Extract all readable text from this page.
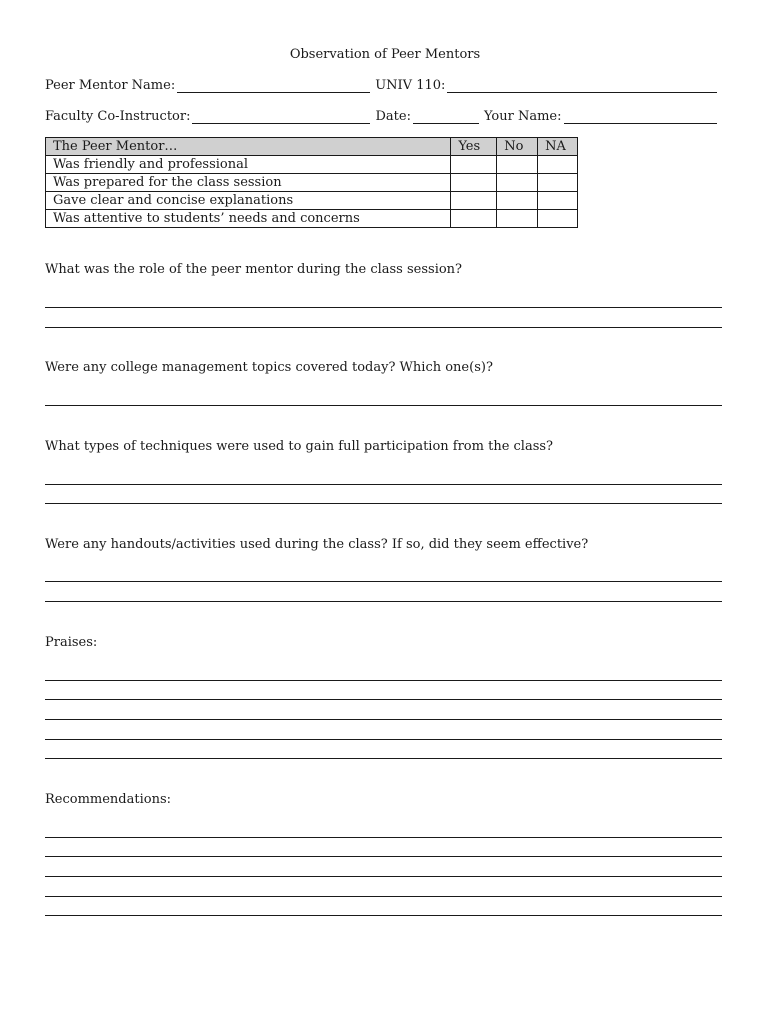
Observation of Peer Mentors
Peer Mentor Name:	UNIV 110:
Faculty Co-Instructor:	Date:	Your Name:
The Peer Mentor…	Yes	No	NA
Was friendly and professional			
Was prepared for the class session			
Gave clear and concise explanations			
Was attentive to students’ needs and concerns			
What was the role of the peer mentor during the class session?
Were any college management topics covered today? Which one(s)?
What types of techniques were used to gain full participation from the class?
Were any handouts/activities used during the class? If so, did they seem effective?
Praises:
Recommendations:
